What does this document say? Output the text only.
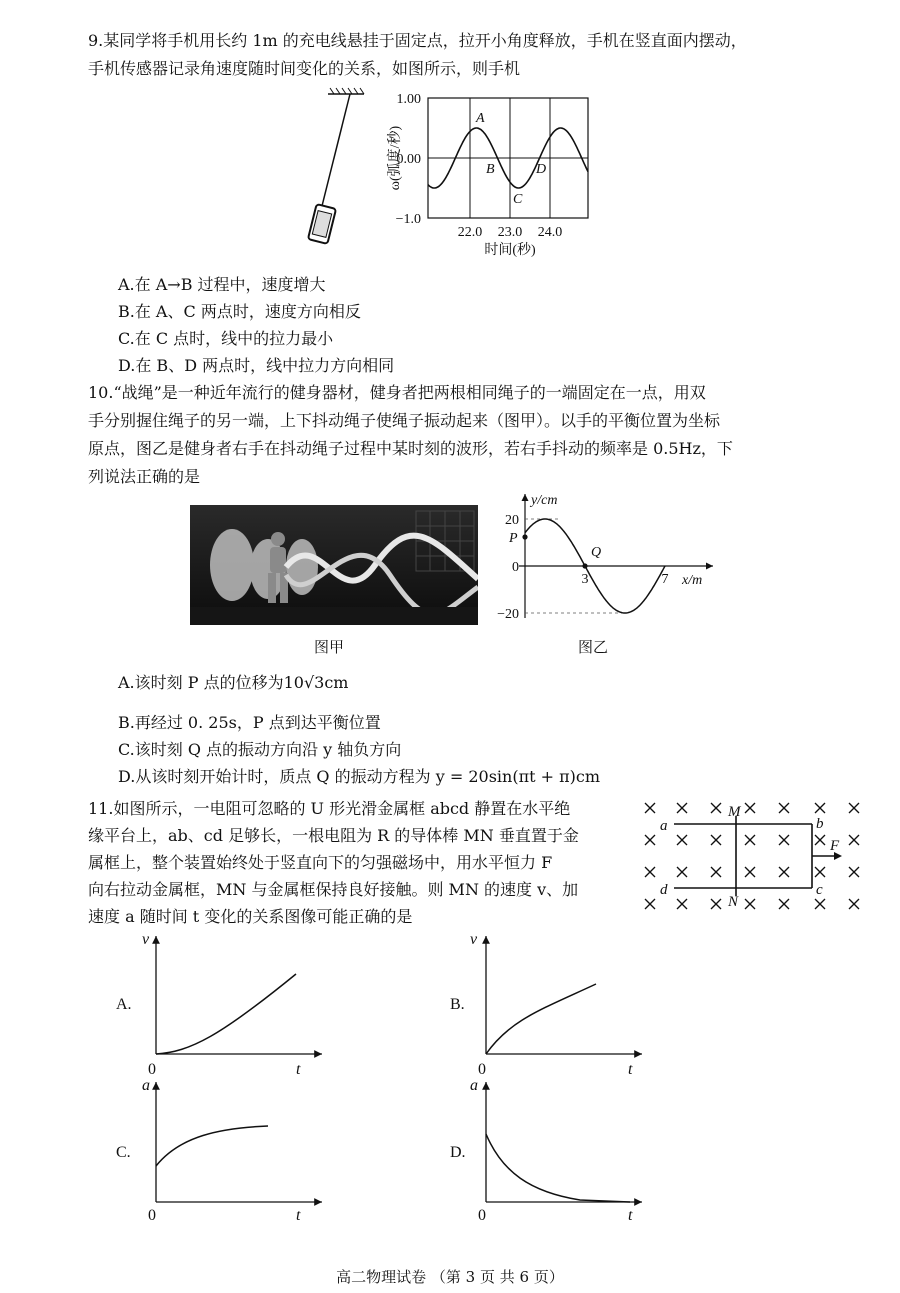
9.某同学将手机用长约 1m 的充电线悬挂于固定点，拉开小角度释放，手机在竖直面内摆动，
手机传感器记录角速度随时间变化的关系，如图所示，则手机
1.00
0.00
−1.0
22.0 23.0 24.0
时间(秒)
ω(弧度/秒)
A
B
C
D
A.在 A→B 过程中，速度增大
B.在 A、C 两点时，速度方向相反
C.在 C 点时，线中的拉力最小
D.在 B、D 两点时，线中拉力方向相同
10.“战绳”是一种近年流行的健身器材，健身者把两根相同绳子的一端固定在一点，用双
手分别握住绳子的另一端，上下抖动绳子使绳子振动起来（图甲）。以手的平衡位置为坐标
原点，图乙是健身者右手在抖动绳子过程中某时刻的波形，若右手抖动的频率是 0.5Hz，下
列说法正确的是
图甲
y/cm
x/m
20
0
−20
3	7
P
Q
图乙
A.该时刻 P 点的位移为10√3cm
B.再经过 0. 25s，P 点到达平衡位置
C.该时刻 Q 点的振动方向沿 y 轴负方向
D.从该时刻开始计时，质点 Q 的振动方程为 y = 20sin(πt + π)cm
11.如图所示，一电阻可忽略的 U 形光滑金属框 abcd 静置在水平绝
缘平台上，ab、cd 足够长，一根电阻为 R 的导体棒 MN 垂直置于金
属框上，整个装置始终处于竖直向下的匀强磁场中，用水平恒力 F
向右拉动金属框，MN 与金属框保持良好接触。则 MN 的速度 v、加
速度 a 随时间 t 变化的关系图像可能正确的是
a
M
b
F
d
N
c
A.
v
t
0
B.
v
t
0
C.
a
t
0
D.
a
t
0
高二物理试卷 （第 3 页 共 6 页）
